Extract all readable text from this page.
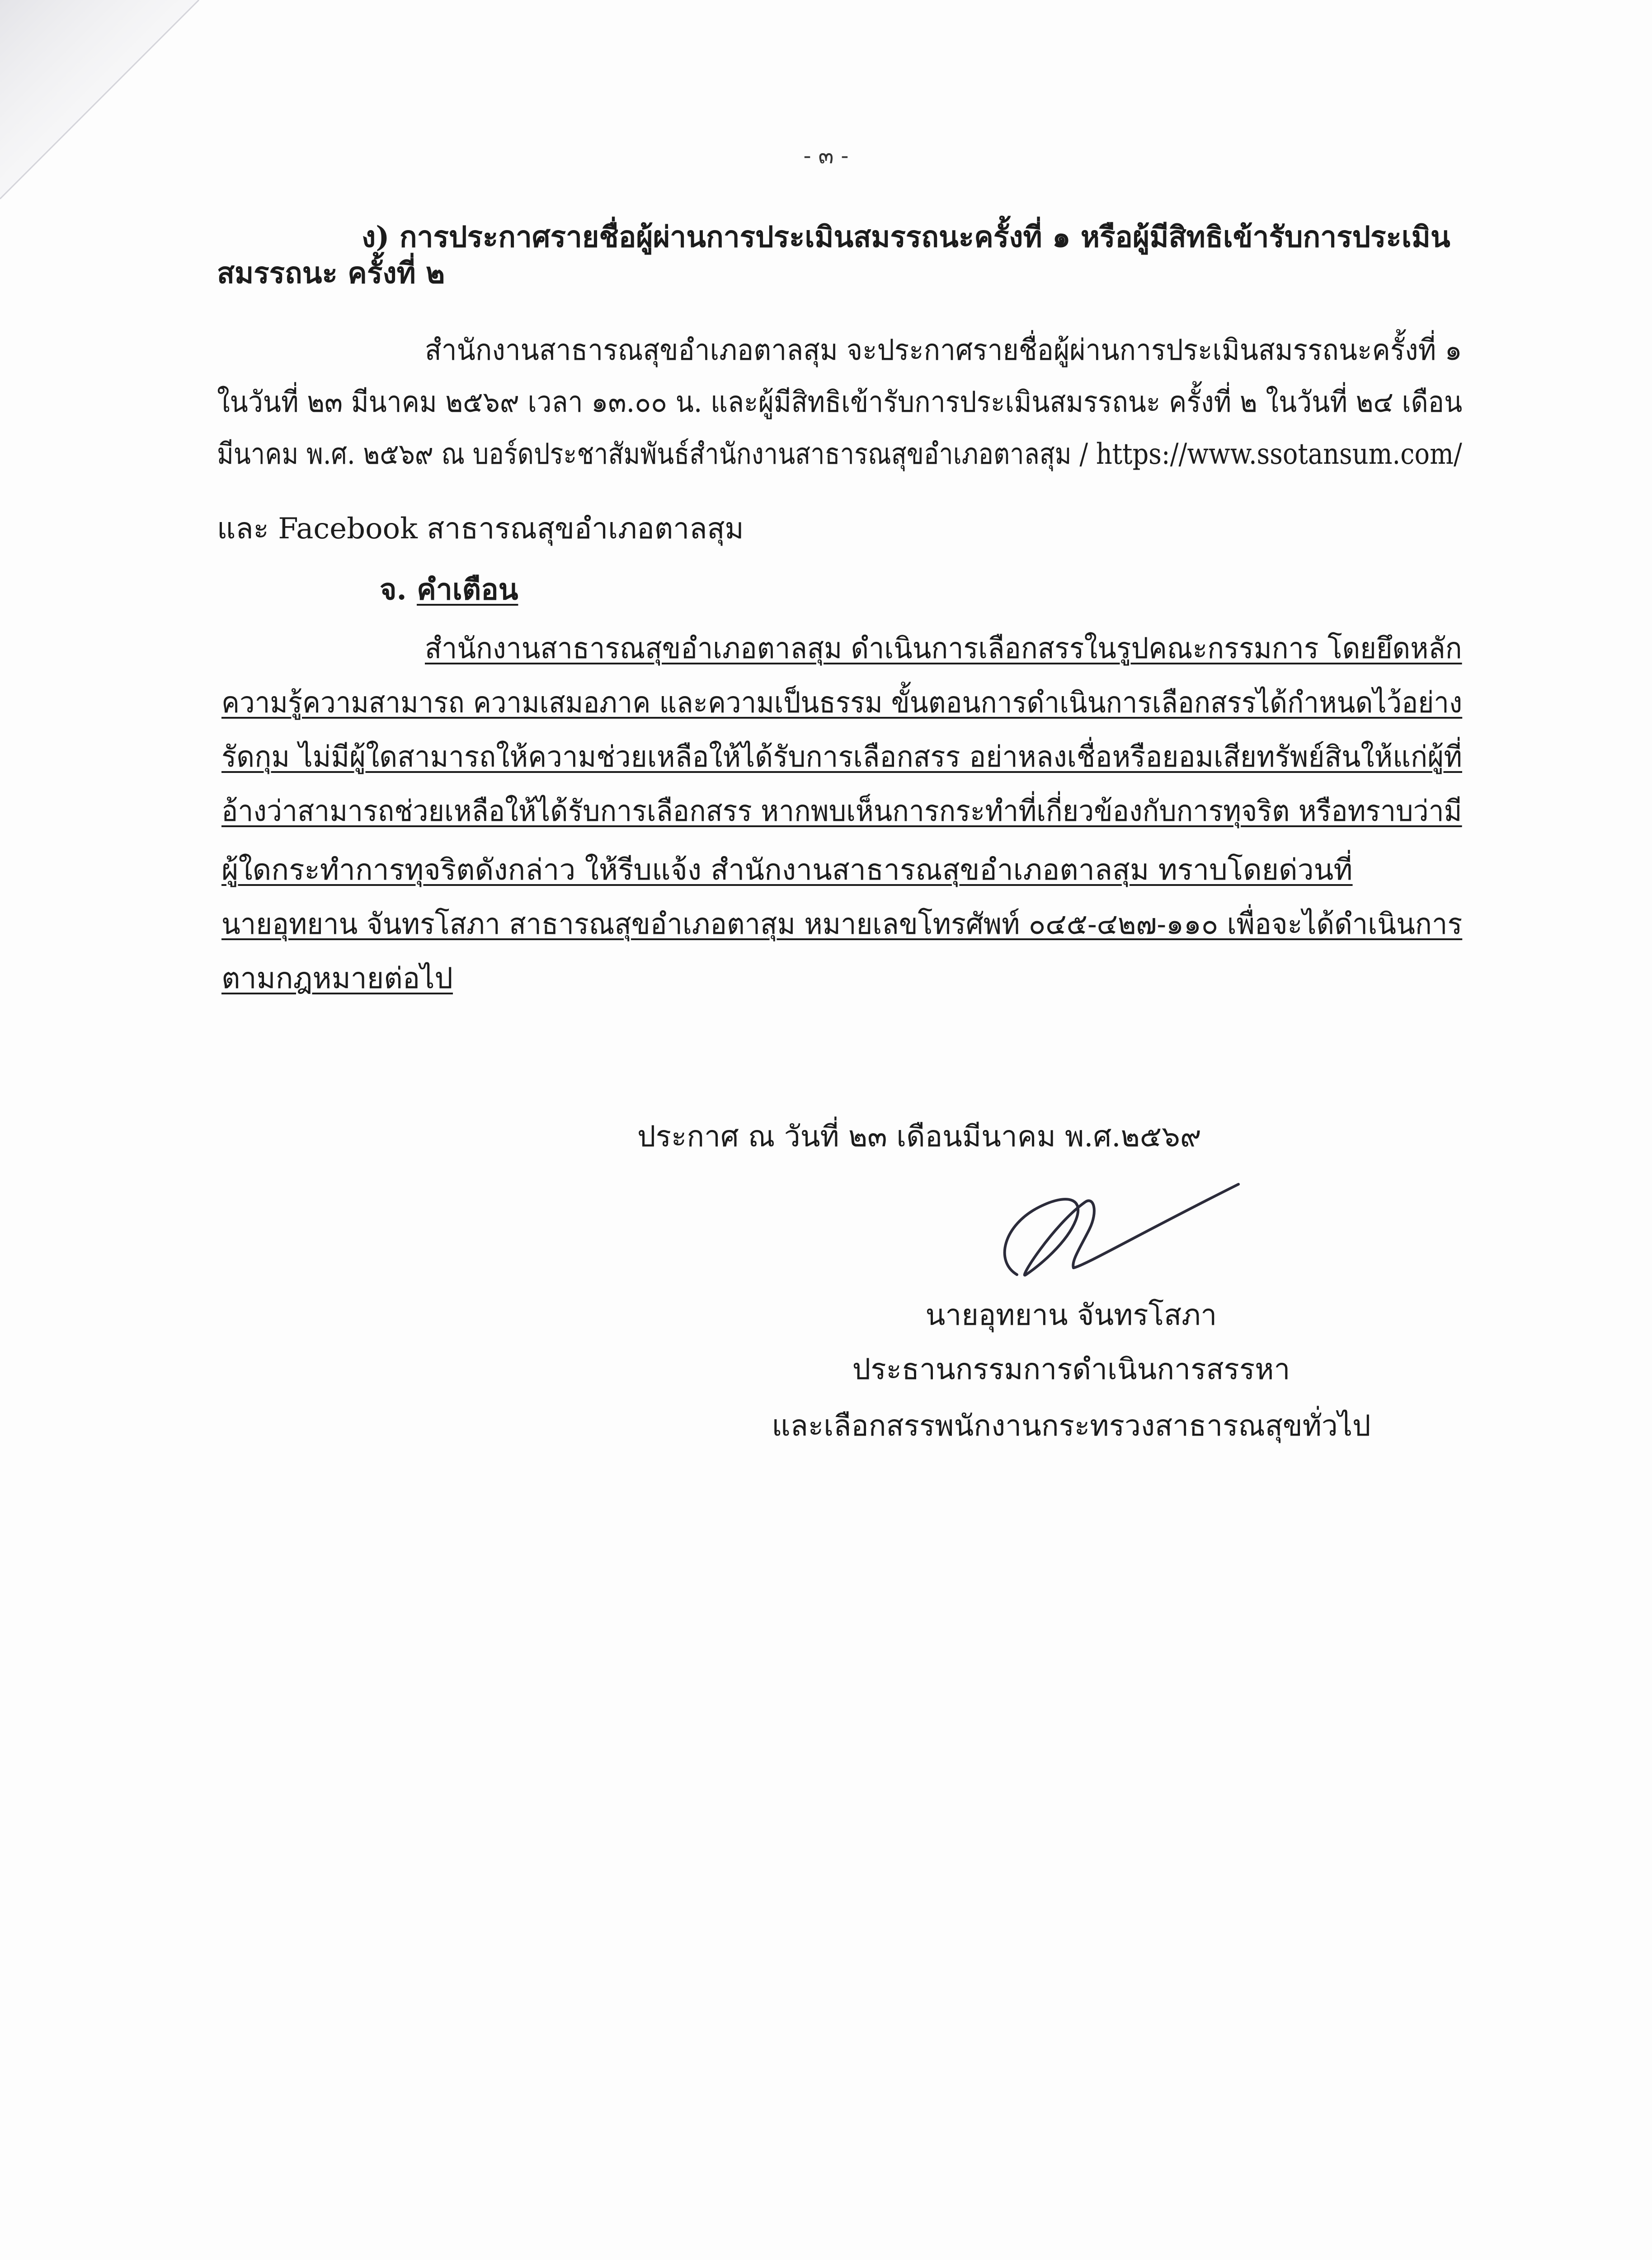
- ๓ -
ง) การประกาศรายชื่อผู้ผ่านการประเมินสมรรถนะครั้งที่ ๑ หรือผู้มีสิทธิเข้ารับการประเมิน
สมรรถนะ ครั้งที่ ๒
สำนักงานสาธารณสุขอำเภอตาลสุม จะประกาศรายชื่อผู้ผ่านการประเมินสมรรถนะครั้งที่ ๑
ในวันที่ ๒๓ มีนาคม ๒๕๖๙ เวลา ๑๓.๐๐ น. และผู้มีสิทธิเข้ารับการประเมินสมรรถนะ ครั้งที่ ๒ ในวันที่ ๒๔ เดือน
มีนาคม พ.ศ. ๒๕๖๙ ณ บอร์ดประชาสัมพันธ์สำนักงานสาธารณสุขอำเภอตาลสุม / https://www.ssotansum.com/
และ Facebook สาธารณสุขอำเภอตาลสุม
จ. คำเตือน
สำนักงานสาธารณสุขอำเภอตาลสุม ดำเนินการเลือกสรรในรูปคณะกรรมการ โดยยึดหลัก
ความรู้ความสามารถ ความเสมอภาค และความเป็นธรรม ขั้นตอนการดำเนินการเลือกสรรได้กำหนดไว้อย่าง
รัดกุม ไม่มีผู้ใดสามารถให้ความช่วยเหลือให้ได้รับการเลือกสรร อย่าหลงเชื่อหรือยอมเสียทรัพย์สินให้แก่ผู้ที่
อ้างว่าสามารถช่วยเหลือให้ได้รับการเลือกสรร หากพบเห็นการกระทำที่เกี่ยวข้องกับการทุจริต หรือทราบว่ามี
ผู้ใดกระทำการทุจริตดังกล่าว ให้รีบแจ้ง สำนักงานสาธารณสุขอำเภอตาลสุม ทราบโดยด่วนที่
นายอุทยาน จันทรโสภา สาธารณสุขอำเภอตาสุม หมายเลขโทรศัพท์ ๐๔๕-๔๒๗-๑๑๐ เพื่อจะได้ดำเนินการ
ตามกฎหมายต่อไป
ประกาศ ณ วันที่ ๒๓ เดือนมีนาคม พ.ศ.๒๕๖๙
นายอุทยาน จันทรโสภา
ประธานกรรมการดำเนินการสรรหา
และเลือกสรรพนักงานกระทรวงสาธารณสุขทั่วไป
